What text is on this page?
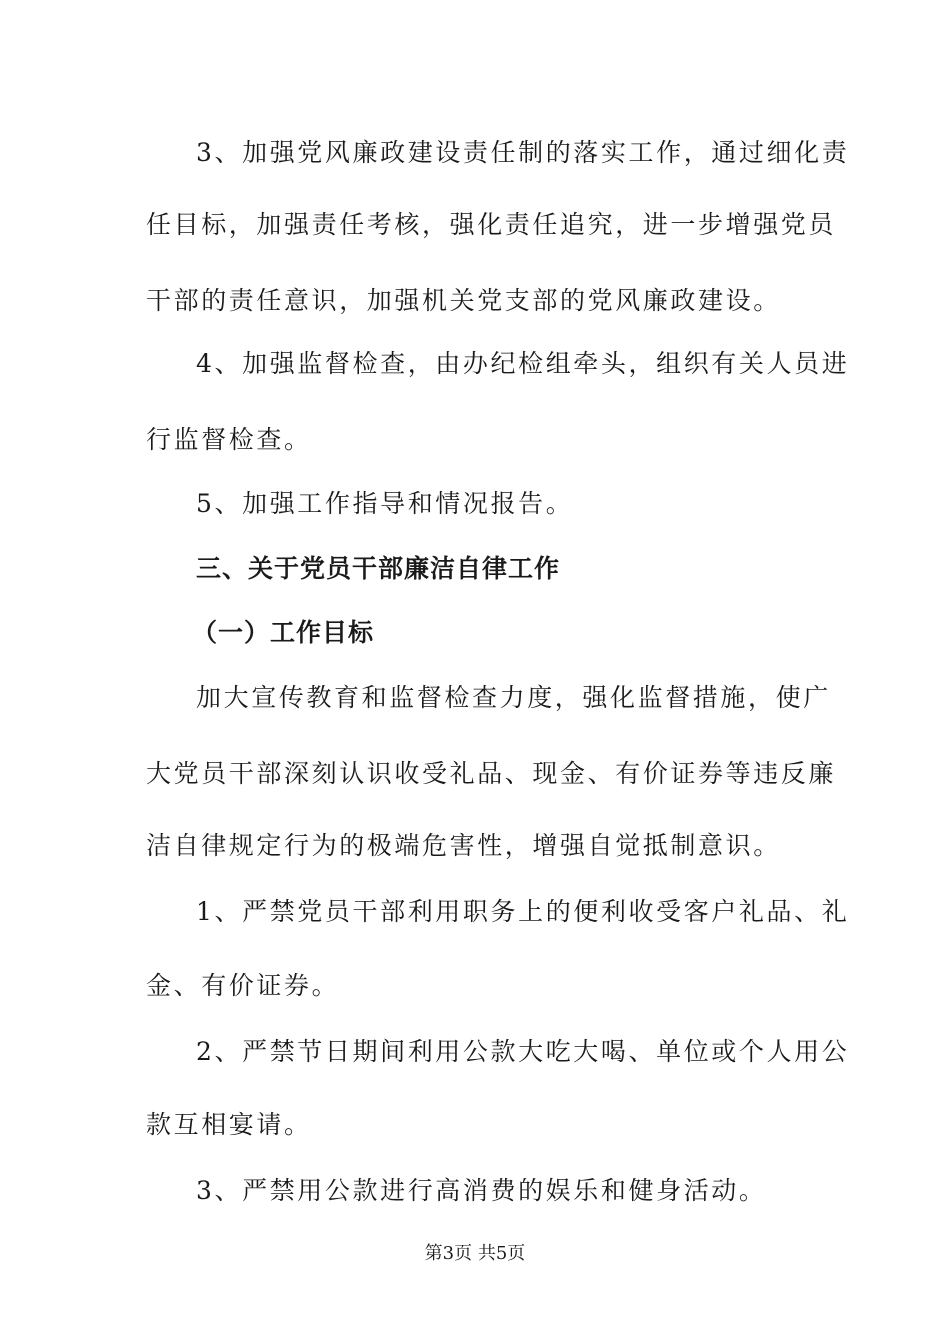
3、加强党风廉政建设责任制的落实工作，通过细化责
任目标，加强责任考核，强化责任追究，进一步增强党员
干部的责任意识，加强机关党支部的党风廉政建设。
4、加强监督检查，由办纪检组牵头，组织有关人员进
行监督检查。
5、加强工作指导和情况报告。
三、关于党员干部廉洁自律工作
（一）工作目标
加大宣传教育和监督检查力度，强化监督措施，使广
大党员干部深刻认识收受礼品、现金、有价证券等违反廉
洁自律规定行为的极端危害性，增强自觉抵制意识。
1、严禁党员干部利用职务上的便利收受客户礼品、礼
金、有价证券。
2、严禁节日期间利用公款大吃大喝、单位或个人用公
款互相宴请。
3、严禁用公款进行高消费的娱乐和健身活动。
第3页 共5页
